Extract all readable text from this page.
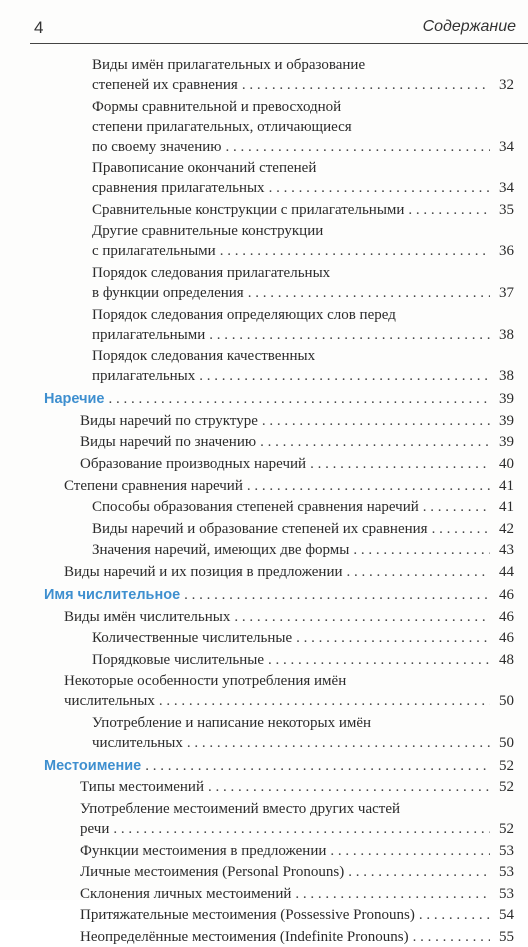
4	Содержание
Виды имён прилагательных и образование
степеней их сравнения . . .	32
Формы сравнительной и превосходной
степени прилагательных, отличающиеся
по своему значению . . .	34
Правописание окончаний степеней
сравнения прилагательных . . .	34
Сравнительные конструкции с прилагательными . . .	35
Другие сравнительные конструкции
с прилагательными . . .	36
Порядок следования прилагательных
в функции определения . . .	37
Порядок следования определяющих слов перед
прилагательными . . .	38
Порядок следования качественных
прилагательных . . .	38
Наречие . . .	39
Виды наречий по структуре . . .	39
Виды наречий по значению . . .	39
Образование производных наречий . . .	40
Степени сравнения наречий . . .	41
Способы образования степеней сравнения наречий . . .	41
Виды наречий и образование степеней их сравнения . . .	42
Значения наречий, имеющих две формы . . .	43
Виды наречий и их позиция в предложении . . .	44
Имя числительное . . .	46
Виды имён числительных . . .	46
Количественные числительные . . .	46
Порядковые числительные . . .	48
Некоторые особенности употребления имён
числительных . . .	50
Употребление и написание некоторых имён
числительных . . .	50
Местоимение . . .	52
Типы местоимений . . .	52
Употребление местоимений вместо других частей
речи . . .	52
Функции местоимения в предложении . . .	53
Личные местоимения (Personal Pronouns) . . .	53
Склонения личных местоимений . . .	53
Притяжательные местоимения (Possessive Pronouns) . . .	54
Неопределённые местоимения (Indefinite Pronouns) . . .	55
